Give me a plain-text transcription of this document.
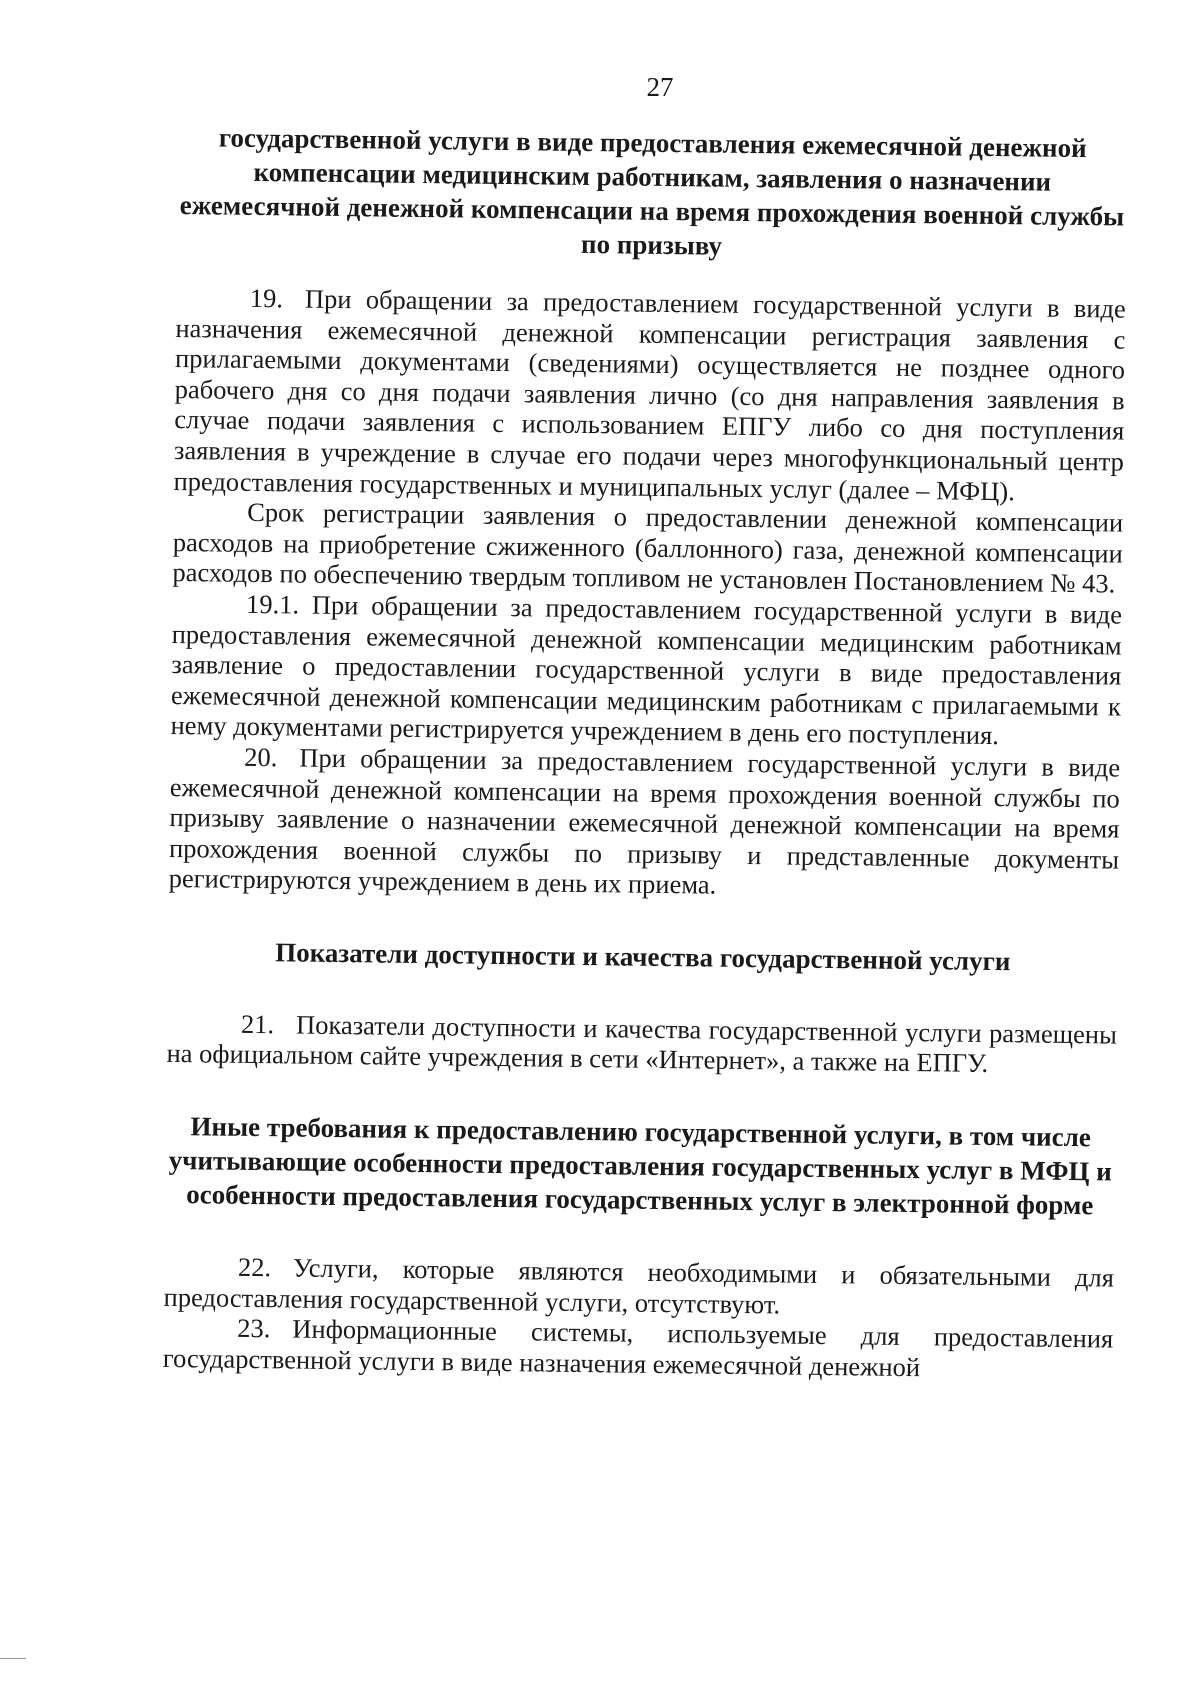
27

государственной услуги в виде предоставления ежемесячной денежной компенсации медицинским работникам, заявления о назначении ежемесячной денежной компенсации на время прохождения военной службы по призыву

19. При обращении за предоставлением государственной услуги в виде назначения ежемесячной денежной компенсации регистрация заявления с прилагаемыми документами (сведениями) осуществляется не позднее одного рабочего дня со дня подачи заявления лично (со дня направления заявления в случае подачи заявления с использованием ЕПГУ либо со дня поступления заявления в учреждение в случае его подачи через многофункциональный центр предоставления государственных и муниципальных услуг (далее – МФЦ).

Срок регистрации заявления о предоставлении денежной компенсации расходов на приобретение сжиженного (баллонного) газа, денежной компенсации расходов по обеспечению твердым топливом не установлен Постановлением № 43.

19.1. При обращении за предоставлением государственной услуги в виде предоставления ежемесячной денежной компенсации медицинским работникам заявление о предоставлении государственной услуги в виде предоставления ежемесячной денежной компенсации медицинским работникам с прилагаемыми к нему документами регистрируется учреждением в день его поступления.

20. При обращении за предоставлением государственной услуги в виде ежемесячной денежной компенсации на время прохождения военной службы по призыву заявление о назначении ежемесячной денежной компенсации на время прохождения военной службы по призыву и представленные документы регистрируются учреждением в день их приема.

Показатели доступности и качества государственной услуги

21. Показатели доступности и качества государственной услуги размещены на официальном сайте учреждения в сети «Интернет», а также на ЕПГУ.

Иные требования к предоставлению государственной услуги, в том числе учитывающие особенности предоставления государственных услуг в МФЦ и особенности предоставления государственных услуг в электронной форме

22. Услуги, которые являются необходимыми и обязательными для предоставления государственной услуги, отсутствуют.

23. Информационные системы, используемые для предоставления государственной услуги в виде назначения ежемесячной денежной
